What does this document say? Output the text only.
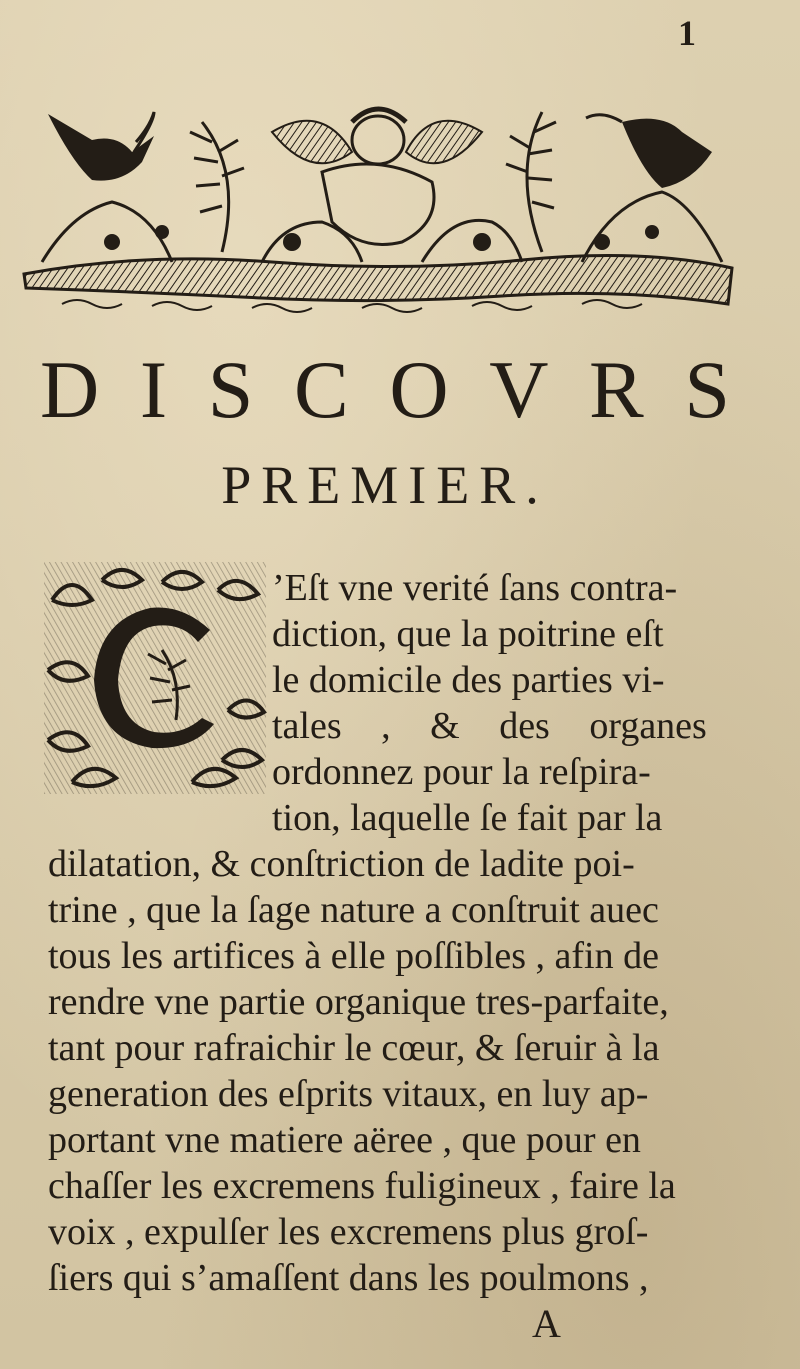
1
D I S C O V R S
PREMIER.
C
’Eſt vne verité ſans contra-
diction, que la poitrine eſt
le domicile des parties vi-
tales , & des organes
ordonnez pour la reſpira-
tion, laquelle ſe fait par la
dilatation, & conſtriction de ladite poi-
trine , que la ſage nature a conſtruit auec
tous les artifices à elle poſſibles , afin de
rendre vne partie organique tres-parfaite,
tant pour rafraichir le cœur, & ſeruir à la
generation des eſprits vitaux, en luy ap-
portant vne matiere aëree , que pour en
chaſſer les excremens fuligineux , faire la
voix , expulſer les excremens plus groſ-
ſiers qui s’amaſſent dans les poulmons ,
A
